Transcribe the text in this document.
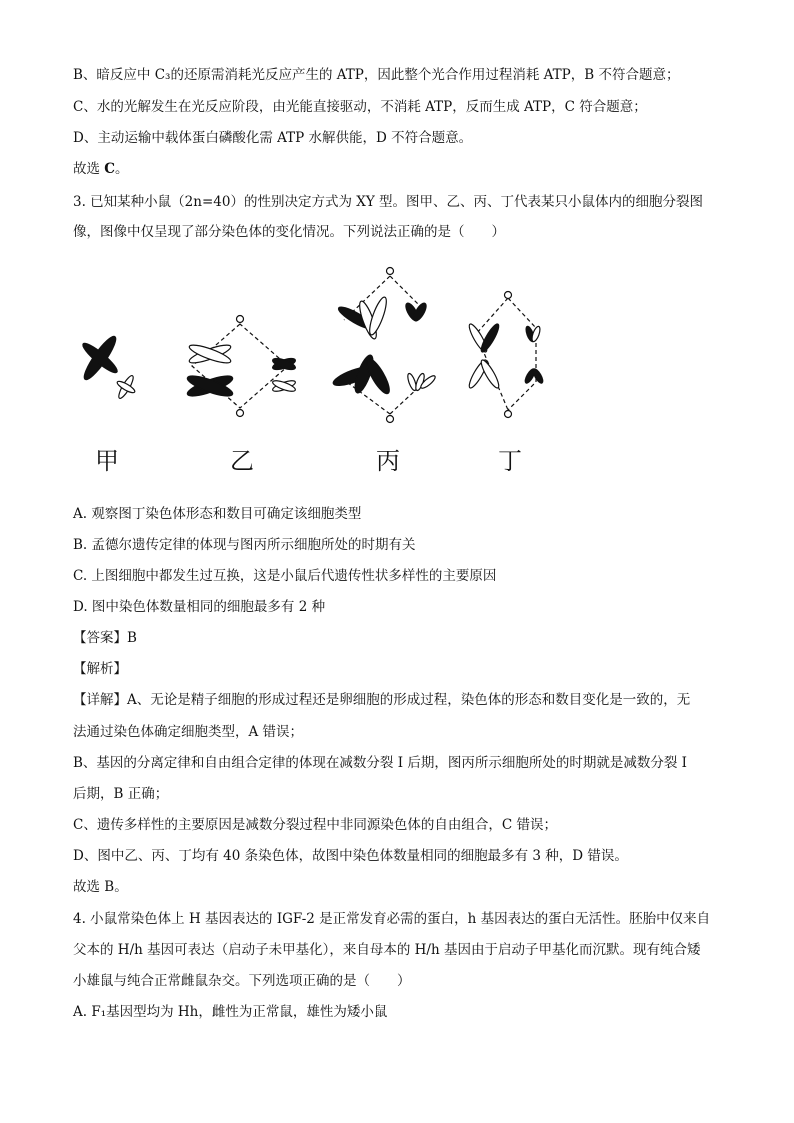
B、暗反应中 C₃的还原需消耗光反应产生的 ATP，因此整个光合作用过程消耗 ATP，B 不符合题意；
C、水的光解发生在光反应阶段，由光能直接驱动，不消耗 ATP，反而生成 ATP，C 符合题意；
D、主动运输中载体蛋白磷酸化需 ATP 水解供能，D 不符合题意。
故选 C。
3. 已知某种小鼠（2n=40）的性别决定方式为 XY 型。图甲、乙、丙、丁代表某只小鼠体内的细胞分裂图
像，图像中仅呈现了部分染色体的变化情况。下列说法正确的是（　　）
甲	乙	丙	丁
A. 观察图丁染色体形态和数目可确定该细胞类型
B. 孟德尔遗传定律的体现与图丙所示细胞所处的时期有关
C. 上图细胞中都发生过互换，这是小鼠后代遗传性状多样性的主要原因
D. 图中染色体数量相同的细胞最多有 2 种
【答案】B
【解析】
【详解】A、无论是精子细胞的形成过程还是卵细胞的形成过程，染色体的形态和数目变化是一致的，无
法通过染色体确定细胞类型，A 错误；
B、基因的分离定律和自由组合定律的体现在减数分裂 I 后期，图丙所示细胞所处的时期就是减数分裂 I
后期，B 正确；
C、遗传多样性的主要原因是减数分裂过程中非同源染色体的自由组合，C 错误；
D、图中乙、丙、丁均有 40 条染色体，故图中染色体数量相同的细胞最多有 3 种，D 错误。
故选 B。
4. 小鼠常染色体上 H 基因表达的 IGF-2 是正常发育必需的蛋白，h 基因表达的蛋白无活性。胚胎中仅来自
父本的 H/h 基因可表达（启动子未甲基化），来自母本的 H/h 基因由于启动子甲基化而沉默。现有纯合矮
小雄鼠与纯合正常雌鼠杂交。下列选项正确的是（　　）
A. F₁基因型均为 Hh，雌性为正常鼠，雄性为矮小鼠
